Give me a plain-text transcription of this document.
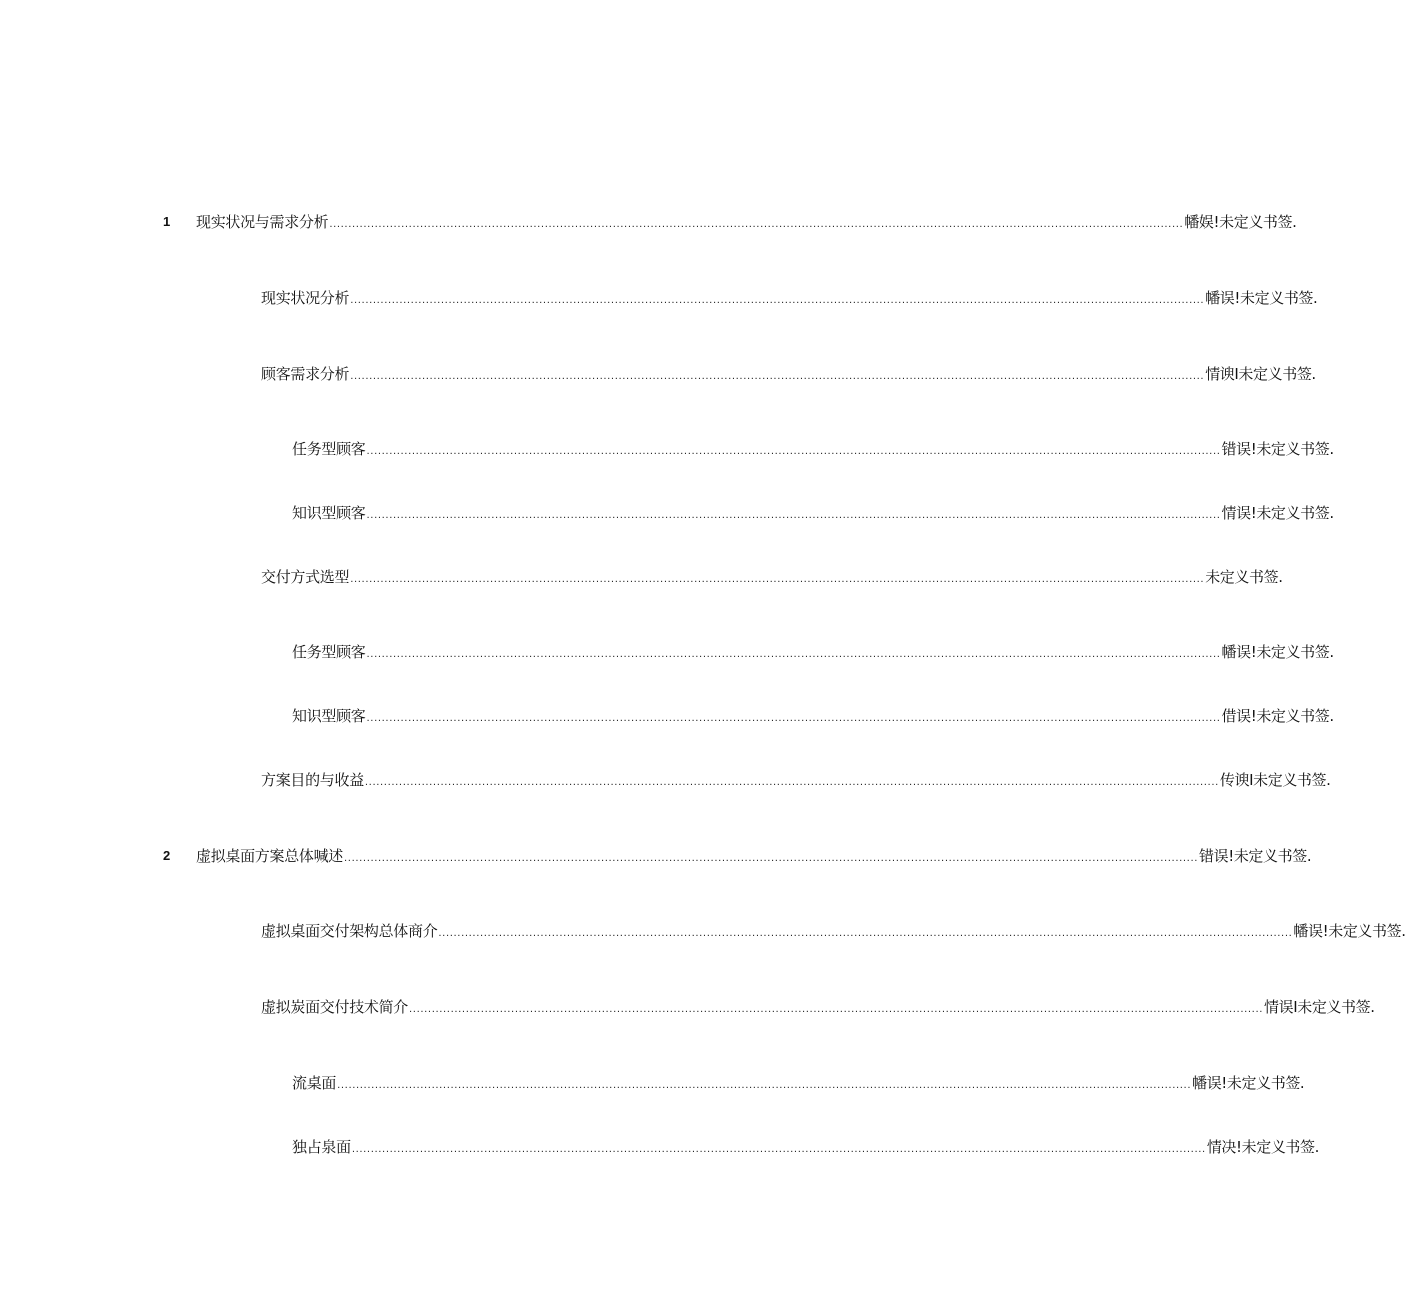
1	现实状况与需求分析 .................................................................................................................................................................................................................................. 幡娱!未定义书签.
现实状况分析 .................................................................................................................................................................................................................................. 幡误!未定义书签.
顾客需求分析 .................................................................................................................................................................................................................................. 情谀I未定义书签.
任务型顾客 .................................................................................................................................................................................................................................. 错误!未定义书签.
知识型顾客 .................................................................................................................................................................................................................................. 情误!未定义书签.
交付方式选型 .................................................................................................................................................................................................................................. 未定义书签.
任务型顾客 .................................................................................................................................................................................................................................. 幡误!未定义书签.
知识型顾客 .................................................................................................................................................................................................................................. 借误!未定义书签.
方案目的与收益 .................................................................................................................................................................................................................................. 传谀I未定义书签.
2	虚拟桌面方案总体喊述 .................................................................................................................................................................................................................................. 错误!未定义书签.
虚拟桌面交付架构总体商介 .................................................................................................................................................................................................................................. 幡误!未定义书签.
虚拟炭面交付技术简介 .................................................................................................................................................................................................................................. 情误I未定义书签.
流桌面 .................................................................................................................................................................................................................................. 幡误!未定义书签.
独占泉面 .................................................................................................................................................................................................................................. 情决!未定义书签.
